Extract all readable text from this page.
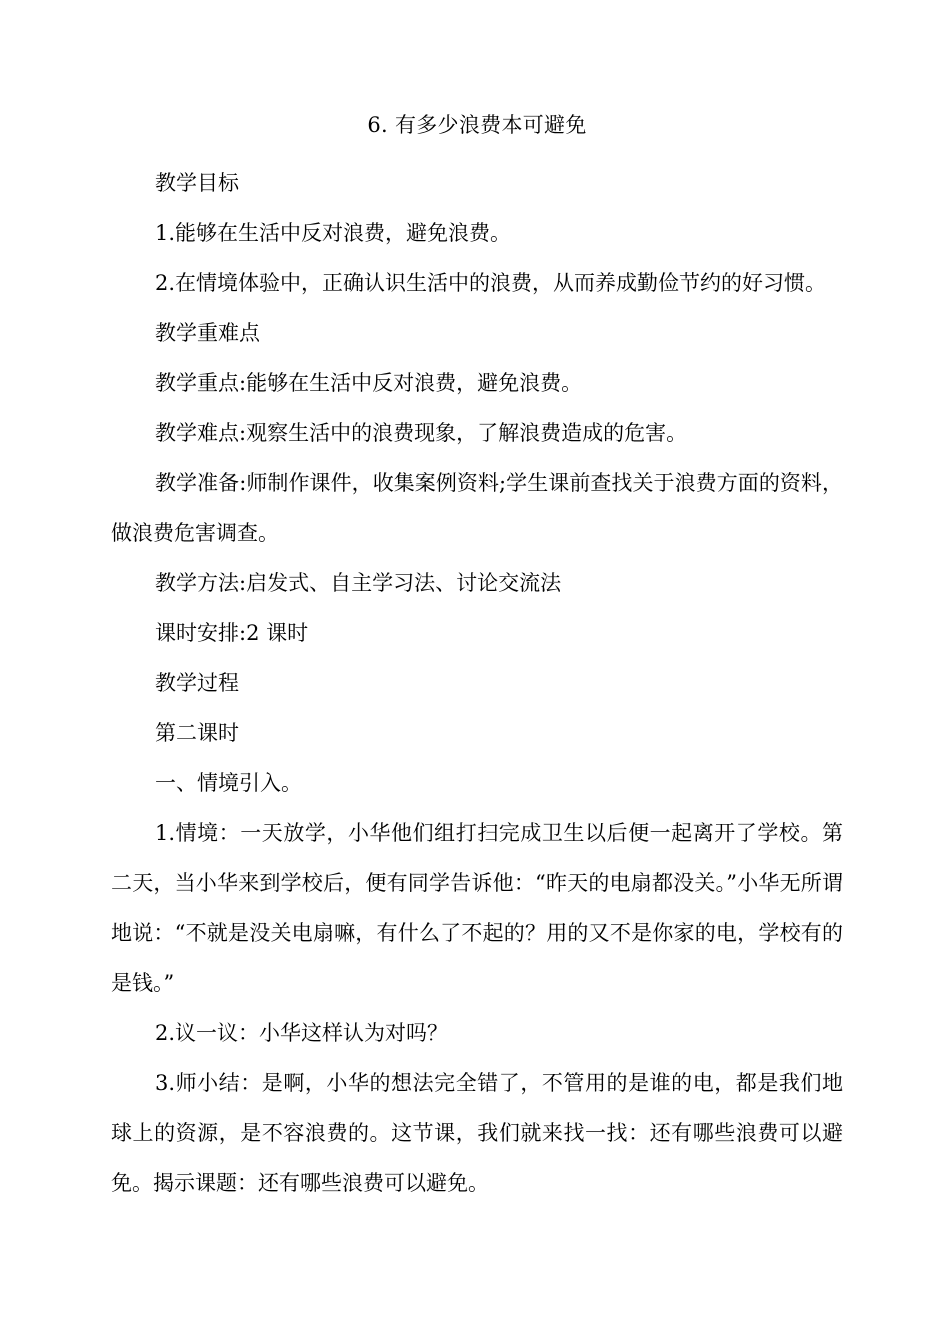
6. 有多少浪费本可避免

教学目标

1.能够在生活中反对浪费，避免浪费。

2.在情境体验中，正确认识生活中的浪费，从而养成勤俭节约的好习惯。

教学重难点

教学重点:能够在生活中反对浪费，避免浪费。

教学难点:观察生活中的浪费现象，了解浪费造成的危害。

教学准备:师制作课件，收集案例资料;学生课前查找关于浪费方面的资料，做浪费危害调查。

教学方法:启发式、自主学习法、讨论交流法

课时安排:2 课时

教学过程

第二课时

一、情境引入。

1.情境：一天放学，小华他们组打扫完成卫生以后便一起离开了学校。第二天，当小华来到学校后，便有同学告诉他：“昨天的电扇都没关。”小华无所谓地说：“不就是没关电扇嘛，有什么了不起的？用的又不是你家的电，学校有的是钱。”

2.议一议：小华这样认为对吗？

3.师小结：是啊，小华的想法完全错了，不管用的是谁的电，都是我们地球上的资源，是不容浪费的。这节课，我们就来找一找：还有哪些浪费可以避免。揭示课题：还有哪些浪费可以避免。
